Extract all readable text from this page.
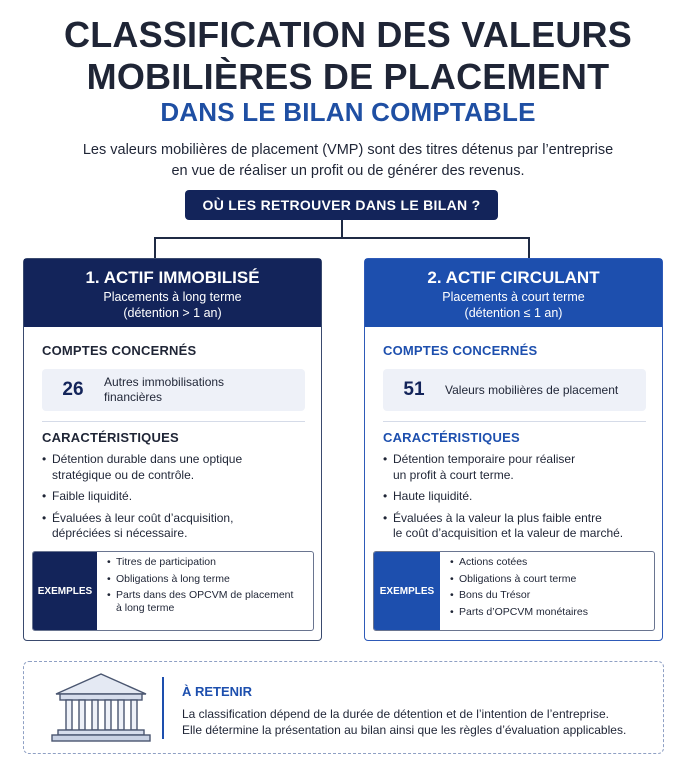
CLASSIFICATION DES VALEURS
MOBILIÈRES DE PLACEMENT
DANS LE BILAN COMPTABLE
Les valeurs mobilières de placement (VMP) sont des titres détenus par l’entreprise
en vue de réaliser un profit ou de générer des revenus.
OÙ LES RETROUVER DANS LE BILAN ?
1. ACTIF IMMOBILISÉ
Placements à long terme
(détention > 1 an)
COMPTES CONCERNÉS
26	Autres immobilisations
financières
CARACTÉRISTIQUES
• Détention durable dans une optique
stratégique ou de contrôle.
• Faible liquidité.
• Évaluées à leur coût d’acquisition,
dépréciées si nécessaire.
EXEMPLES
• Titres de participation
• Obligations à long terme
• Parts dans des OPCVM de placement
à long terme
2. ACTIF CIRCULANT
Placements à court terme
(détention ≤ 1 an)
COMPTES CONCERNÉS
51	Valeurs mobilières de placement
CARACTÉRISTIQUES
• Détention temporaire pour réaliser
un profit à court terme.
• Haute liquidité.
• Évaluées à la valeur la plus faible entre
le coût d’acquisition et la valeur de marché.
EXEMPLES
• Actions cotées
• Obligations à court terme
• Bons du Trésor
• Parts d’OPCVM monétaires
À RETENIR
La classification dépend de la durée de détention et de l’intention de l’entreprise.
Elle détermine la présentation au bilan ainsi que les règles d’évaluation applicables.
